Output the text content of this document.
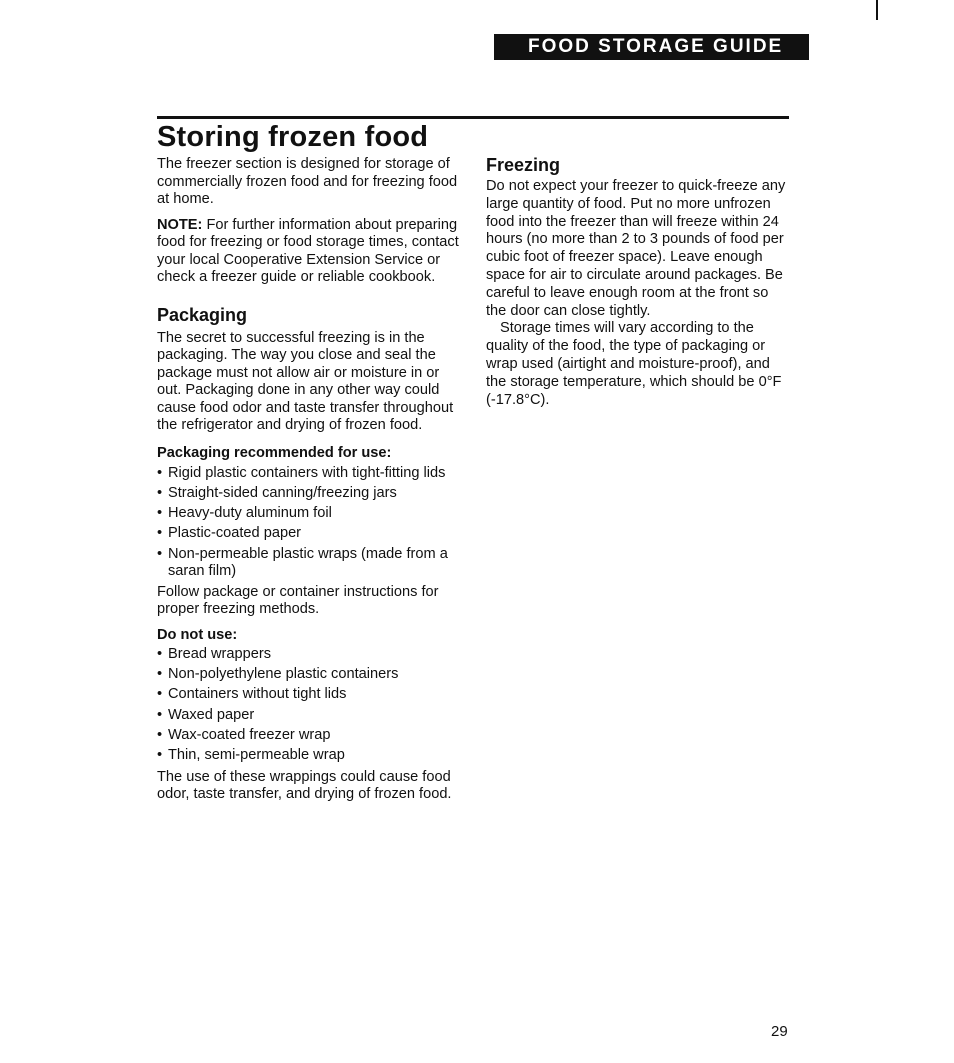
FOOD STORAGE GUIDE
Storing frozen food

The freezer section is designed for storage of commercially frozen food and for freezing food at home.

NOTE: For further information about preparing food for freezing or food storage times, contact your local Cooperative Extension Service or check a freezer guide or reliable cookbook.

Packaging

The secret to successful freezing is in the packaging. The way you close and seal the package must not allow air or moisture in or out. Packaging done in any other way could cause food odor and taste transfer throughout the refrigerator and drying of frozen food.

Packaging recommended for use:
• Rigid plastic containers with tight-fitting lids
• Straight-sided canning/freezing jars
• Heavy-duty aluminum foil
• Plastic-coated paper
• Non-permeable plastic wraps (made from a saran film)

Follow package or container instructions for proper freezing methods.

Do not use:
• Bread wrappers
• Non-polyethylene plastic containers
• Containers without tight lids
• Waxed paper
• Wax-coated freezer wrap
• Thin, semi-permeable wrap

The use of these wrappings could cause food odor, taste transfer, and drying of frozen food.

Freezing

Do not expect your freezer to quick-freeze any large quantity of food. Put no more unfrozen food into the freezer than will freeze within 24 hours (no more than 2 to 3 pounds of food per cubic foot of freezer space). Leave enough space for air to circulate around packages. Be careful to leave enough room at the front so the door can close tightly.

Storage times will vary according to the quality of the food, the type of packaging or wrap used (airtight and moisture-proof), and the storage temperature, which should be 0°F (-17.8°C).

29
